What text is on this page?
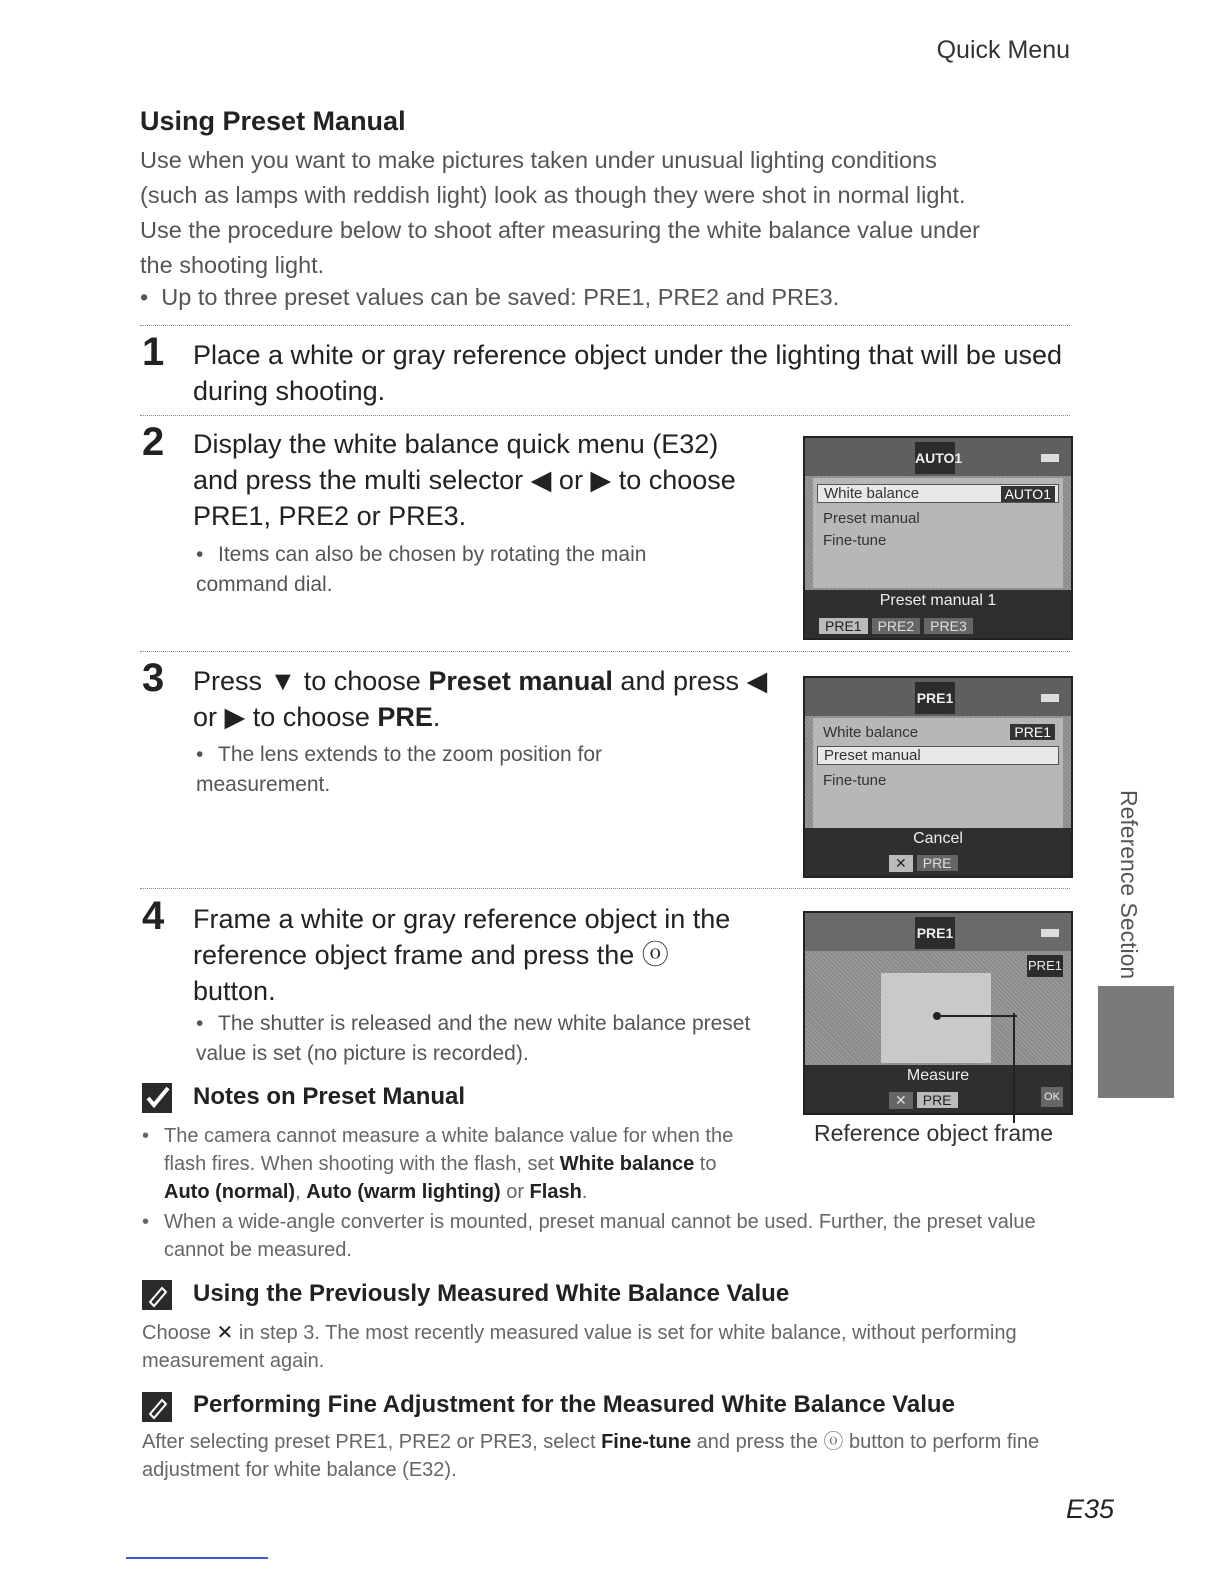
Quick Menu
Using Preset Manual

Use when you want to make pictures taken under unusual lighting conditions

(such as lamps with reddish light) look as though they were shot in normal light.

Use the procedure below to shoot after measuring the white balance value under

the shooting light.

•  Up to three preset values can be saved: PRE1, PRE2 and PRE3.
1 Place a white or gray reference object under the lighting that will be used during shooting.
2 Display the white balance quick menu (E32)
and press the multi selector ◀ or ▶ to choose
PRE1, PRE2 or PRE3.
• Items can also be chosen by rotating the main command dial.
AUTO1
White balance	AUTO1
Preset manual
Fine-tune
Preset manual 1
PRE1 PRE2 PRE3
3 Press ▼ to choose Preset manual and press ◀
or ▶ to choose PRE.
• The lens extends to the zoom position for measurement.
PRE1
White balance	PRE1
Preset manual
Fine-tune
Cancel
✕ PRE
4 Frame a white or gray reference object in the
reference object frame and press the ⓞ
button.
• The shutter is released and the new white balance preset value is set (no picture is recorded).
PRE1
PRE1
Measure
✕ PRE	OK
Reference object frame
Notes on Preset Manual
• The camera cannot measure a white balance value for when the flash fires. When shooting with the flash, set White balance to
Auto (normal), Auto (warm lighting) or Flash.
• When a wide-angle converter is mounted, preset manual cannot be used. Further, the preset value cannot be measured.
Using the Previously Measured White Balance Value
Choose ✕ in step 3. The most recently measured value is set for white balance, without performing measurement again.
Performing Fine Adjustment for the Measured White Balance Value
After selecting preset PRE1, PRE2 or PRE3, select Fine-tune and press the ⓞ button to perform fine adjustment for white balance (E32).
Reference Section
E35
